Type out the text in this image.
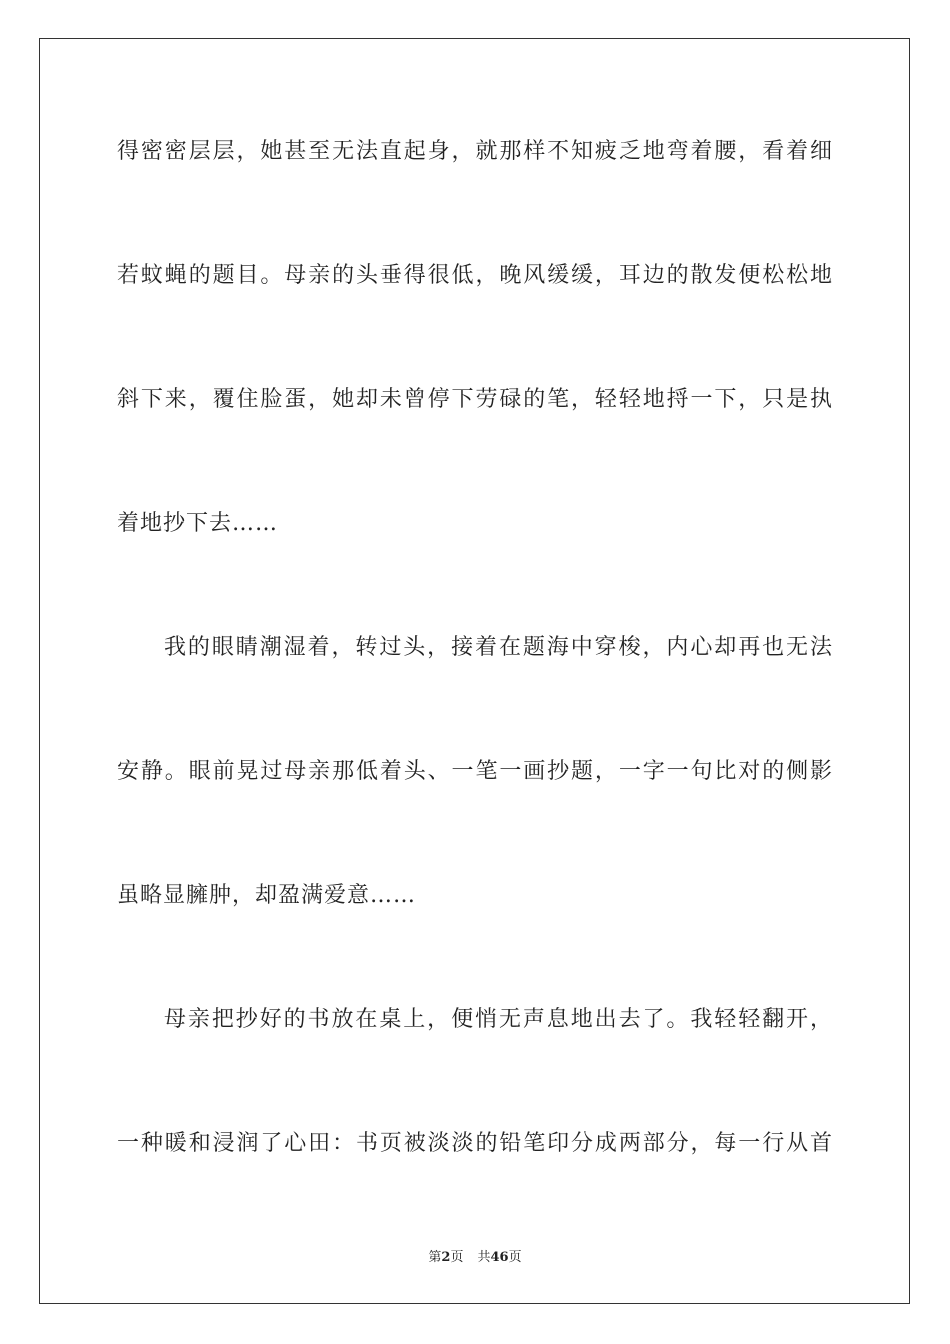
得密密层层，她甚至无法直起身，就那样不知疲乏地弯着腰，看着细
若蚊蝇的题目。母亲的头垂得很低，晚风缓缓，耳边的散发便松松地
斜下来，覆住脸蛋，她却未曾停下劳碌的笔，轻轻地捋一下，只是执
着地抄下去……
我的眼睛潮湿着，转过头，接着在题海中穿梭，内心却再也无法
安静。眼前晃过母亲那低着头、一笔一画抄题，一字一句比对的侧影
虽略显臃肿，却盈满爱意……
母亲把抄好的书放在桌上，便悄无声息地出去了。我轻轻翻开，
一种暖和浸润了心田：书页被淡淡的铅笔印分成两部分，每一行从首
第2页 共46页
